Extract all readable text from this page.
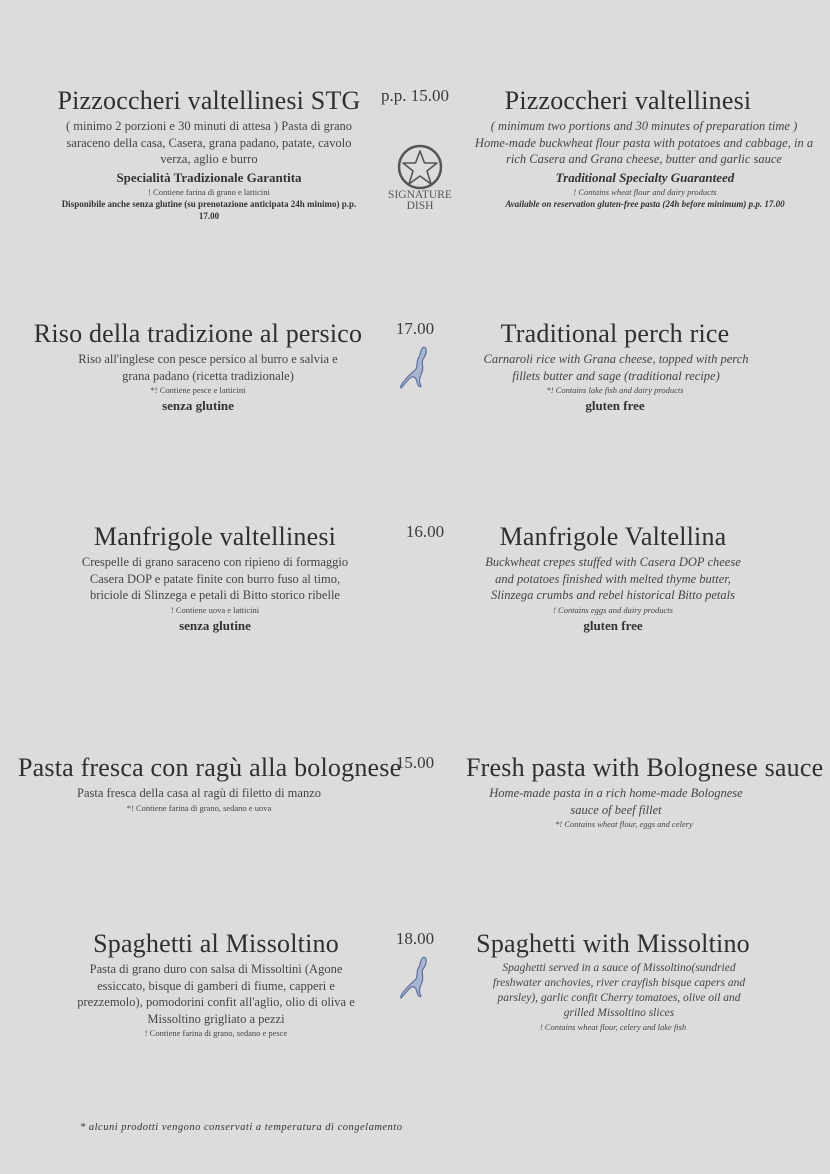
Pizzoccheri valtellinesi STG
( minimo 2 porzioni e 30 minuti di attesa ) Pasta di grano saraceno della casa, Casera, grana padano, patate, cavolo verza, aglio e burro
Specialità Tradizionale Garantita
! Contiene farina di grano e latticini
Disponibile anche senza glutine (su prenotazione anticipata 24h minimo) p.p. 17.00
p.p. 15.00
SIGNATURE
DISH
Pizzoccheri valtellinesi
( minimum two portions and 30 minutes of preparation time ) Home-made buckwheat flour pasta with potatoes and cabbage, in a rich Casera and Grana cheese, butter and garlic sauce
Traditional Specialty Guaranteed
! Contains wheat flour and dairy products
Available on reservation gluten-free pasta (24h before minimum) p.p. 17.00
Riso della tradizione al persico
Riso all'inglese con pesce persico al burro e salvia e grana padano (ricetta tradizionale)
*! Contiene pesce e latticini
senza glutine
17.00	Traditional perch rice
Carnaroli rice with Grana cheese, topped with perch fillets butter and sage (traditional recipe)
*! Contains lake fish and dairy products
gluten free
Manfrigole valtellinesi
Crespelle di grano saraceno con ripieno di formaggio Casera DOP e patate finite con burro fuso al timo, briciole di Slinzega e petali di Bitto storico ribelle
! Contiene uova e latticini
senza glutine
16.00	Manfrigole Valtellina
Buckwheat crepes stuffed with Casera DOP cheese and potatoes finished with melted thyme butter, Slinzega crumbs and rebel historical Bitto petals
! Contains eggs and dairy products
gluten free
Pasta fresca con ragù alla bolognese
Pasta fresca della casa al ragù di filetto di manzo
*! Contiene farina di grano, sedano e uova
15.00	Fresh pasta with Bolognese sauce
Home-made pasta in a rich home-made Bolognese sauce of beef fillet
*! Contains wheat flour, eggs and celery
Spaghetti al Missoltino
Pasta di grano duro con salsa di Missoltini (Agone essiccato, bisque di gamberi di fiume, capperi e prezzemolo), pomodorini confit all'aglio, olio di oliva e Missoltino grigliato a pezzi
! Contiene farina di grano, sedano e pesce
18.00	Spaghetti with Missoltino
Spaghetti served in a sauce of Missoltino(sundried freshwater anchovies, river crayfish bisque capers and parsley), garlic confit Cherry tomatoes, olive oil and grilled Missoltino slices
! Contains wheat flour, celery and lake fish
* alcuni prodotti vengono conservati a temperatura di congelamento
